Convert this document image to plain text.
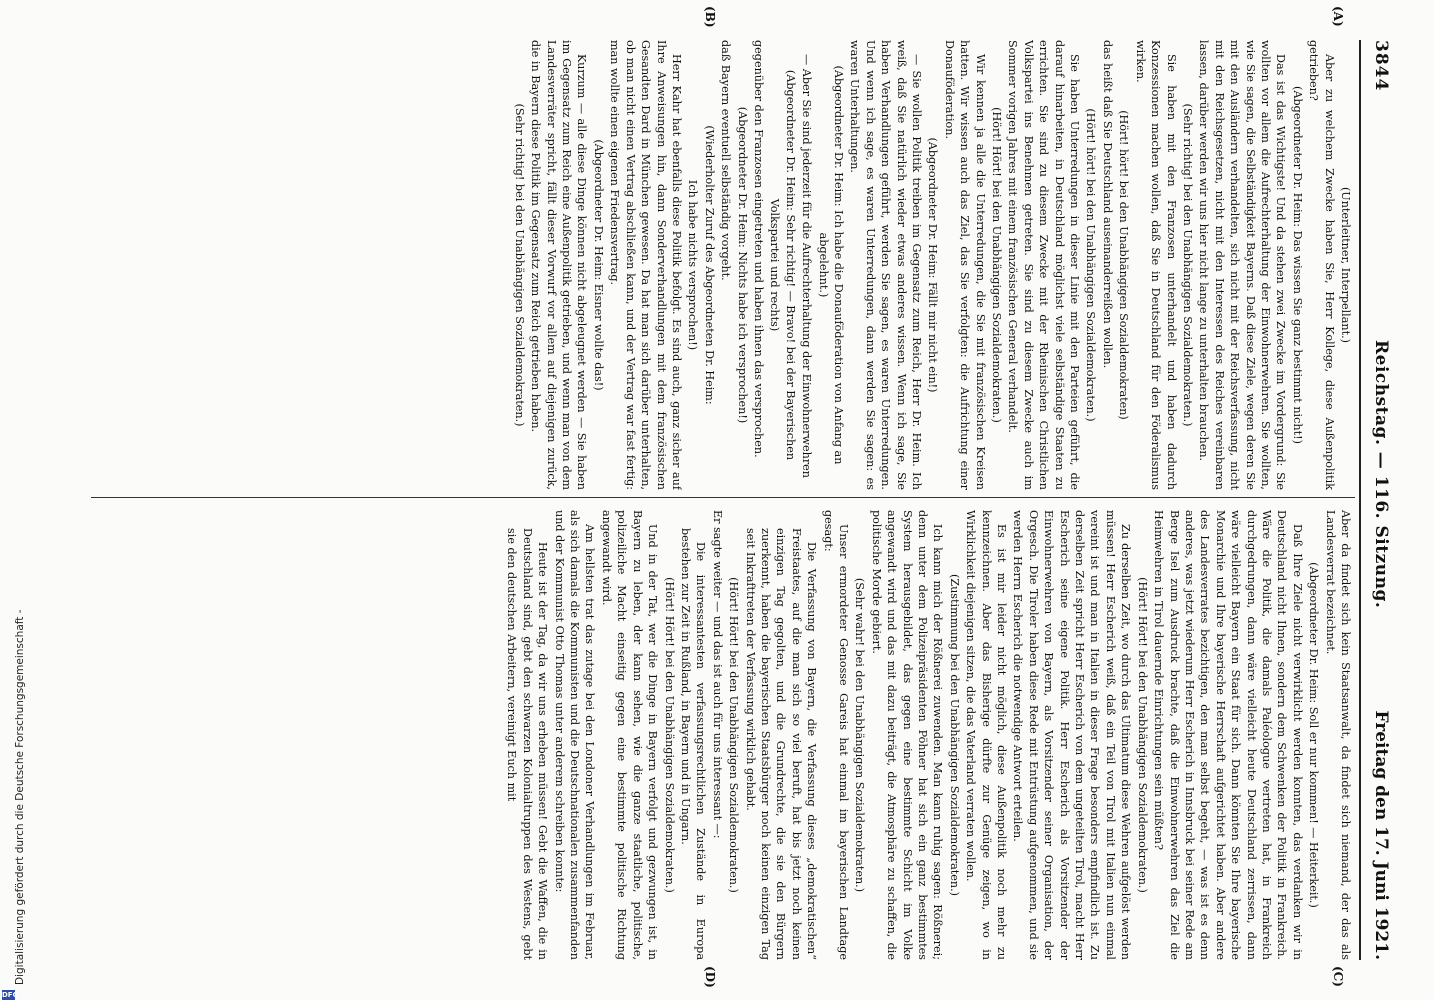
3844
Reichstag. — 116. Sitzung.
Freitag den 17. Juni 1921.
(A)
(B)
(C)
(D)

(Unterleitner, Interpellant.)

Aber zu welchem Zwecke haben Sie, Herr Kollege, diese Außenpolitik getrieben?

(Abgeordneter Dr. Heim: Das wissen Sie ganz bestimmt nicht!)

Das ist das Wichtigste! Und da stehen zwei Zwecke im Vordergrund: Sie wollten vor allem die Aufrechterhaltung der Einwohnerwehren. Sie wollten, wie Sie sagen, die Selbständigkeit Bayerns. Daß diese Ziele, wegen deren Sie mit den Ausländern verhandelten, sich nicht mit der Reichsverfassung, nicht mit den Reichsgesetzen, nicht mit den Interessen des Reiches vereinbaren lassen, darüber werden wir uns hier nicht lange zu unterhalten brauchen.

(Sehr richtig! bei den Unabhängigen Sozialdemokraten.)

Sie haben mit den Franzosen unterhandelt und haben dadurch Konzessionen machen wollen, daß Sie in Deutschland für den Föderalismus wirken.

(Hört! hört! bei den Unabhängigen Sozialdemokraten)

das heißt daß Sie Deutschland auseinanderreißen wollen.

(Hört! hört! bei den Unabhängigen Sozialdemokraten.)

Sie haben Unterredungen in dieser Linie mit den Parteien geführt, die darauf hinarbeiten, in Deutschland möglichst viele selbständige Staaten zu errichten. Sie sind zu diesem Zwecke mit der Rheinischen Christlichen Volkspartei ins Benehmen getreten. Sie sind zu diesem Zwecke auch im Sommer vorigen Jahres mit einem französischen General verhandelt.

(Hört! Hört! bei den Unabhängigen Sozialdemokraten.)

Wir kennen ja alle die Unterredungen, die Sie mit französischen Kreisen hatten. Wir wissen auch das Ziel, das Sie verfolgten: die Aufrichtung einer Donauföderation.

(Abgeordneter Dr. Heim: Fällt mir nicht ein!)

— Sie wollen Politik treiben im Gegensatz zum Reich, Herr Dr. Heim. Ich weiß, daß Sie natürlich wieder etwas anderes wissen. Wenn ich sage, Sie haben Verhandlungen geführt, werden Sie sagen, es waren Unterredungen. Und wenn ich sage, es waren Unterredungen, dann werden Sie sagen: es waren Unterhaltungen.

(Abgeordneter Dr. Heim: Ich habe die Donauföderation von Anfang an abgelehnt.)

— Aber Sie sind jederzeit für die Aufrechterhaltung der Einwohnerwehren

(Abgeordneter Dr. Heim: Sehr richtig! — Bravo! bei der Bayerischen Volkspartei und rechts)

gegenüber den Franzosen eingetreten und haben ihnen das versprochen.

(Abgeordneter Dr. Heim: Nichts habe ich versprochen!)

daß Bayern eventuell selbständig vorgeht.

(Wiederholter Zuruf des Abgeordneten Dr. Heim:

Ich habe nichts versprochen!)

Herr Kahr hat ebenfalls diese Politik befolgt. Es sind auch, ganz sicher auf Ihre Anweisungen hin, dann Sonderverhandlungen mit dem französischen Gesandten Dard in München gewesen. Da hat man sich darüber unterhalten, ob man nicht einen Vertrag abschließen kann, und der Vertrag war fast fertig: man wollte einen eigenen Friedensvertrag.

(Abgeordneter Dr. Heim: Eisner wollte das!)

Kurzum — alle diese Dinge können nicht abgeleugnet werden — Sie haben im Gegensatz zum Reich eine Außenpolitik getrieben, und wenn man von dem Landesverräter spricht, fällt dieser Vorwurf vor allem auf diejenigen zurück, die in Bayern diese Politik im Gegensatz zum Reich getrieben haben.

(Sehr richtig! bei den Unabhängigen Sozialdemokraten.)

Aber da findet sich kein Staatsanwalt, da findet sich niemand, der das als Landesverrat bezeichnet.

(Abgeordneter Dr. Heim: Soll er nur kommen! — Heiterkeit.)

Daß Ihre Ziele nicht verwirklicht werden konnten, das verdanken wir in Deutschland nicht Ihnen, sondern dem Schwenken der Politik in Frankreich. Wäre die Politik, die damals Paléologue vertreten hat, in Frankreich durchgedrungen, dann wäre vielleicht heute Deutschland zerrissen, dann wäre vielleicht Bayern ein Staat für sich. Dann könnten Sie Ihre bayerische Monarchie und Ihre bayerische Herrschaft aufgerichtet haben. Aber andere des Landesverrates bezichtigen, den man selbst begeht, — was ist es denn anderes, was jetzt wiederum Herr Escherich in Innsbruck bei seiner Rede am Berge Isel zum Ausdruck brachte, daß die Einwohnerwehren das Ziel die Heimwehren in Tirol dauernde Einrichtungen sein müßten?

(Hört! Hört! bei den Unabhängigen Sozialdemokraten.)

Zu derselben Zeit, wo durch das Ultimatum diese Wehren aufgelöst werden müssen! Herr Escherich weiß, daß ein Teil von Tirol mit Italien nun einmal vereint ist und man in Italien in dieser Frage besonders empfindlich ist. Zu derselben Zeit spricht Herr Escherich von dem ungeteilten Tirol, macht Herr Escherich seine eigene Politik. Herr Escherich als Vorsitzender der Einwohnerwehren von Bayern, als Vorsitzender seiner Organisation, der Orgesch. Die Tiroler haben diese Rede mit Entrüstung aufgenommen, und sie werden Herrn Escherich die notwendige Antwort erteilen.

Es ist mir leider nicht möglich, diese Außenpolitik noch mehr zu kennzeichnen. Aber das Bisherige dürfte zur Genüge zeigen, wo in Wirklichkeit diejenigen sitzen, die das Vaterland verraten wollen.

(Zustimmung bei den Unabhängigen Sozialdemokraten.)

Ich kann mich der Rößnerei zuwenden. Man kann ruhig sagen: Rößnerei; denn unter dem Polizeipräsidenten Pöhner hat sich ein ganz bestimmtes System herausgebildet, das gegen eine bestimmte Schicht im Volke angewandt wird und das mit dazu beiträgt, die Atmosphäre zu schaffen, die politische Morde gebiert.

(Sehr wahr! bei den Unabhängigen Sozialdemokraten.)

Unser ermordeter Genosse Gareis hat einmal im bayerischen Landtage gesagt:

Die Verfassung von Bayern, die Verfassung dieses „demokratischen“ Freistaates, auf die man sich so viel beruft, hat bis jetzt noch keinen einzigen Tag gegolten, und die Grundrechte, die sie den Bürgern zuerkennt, haben die bayerischen Staatsbürger noch keinen einzigen Tag seit Inkrafttreten der Verfassung wirklich gehabt.

(Hört! Hört! bei den Unabhängigen Sozialdemokraten.)

Er sagte weiter — und das ist auch für uns interessant —:

Die interessantesten verfassungsrechtlichen Zustände in Europa bestehen zur Zeit in Rußland, in Bayern und in Ungarn.

(Hört! Hört! bei den Unabhängigen Sozialdemokraten.)

Und in der Tat, wer die Dinge in Bayern verfolgt und gezwungen ist, in Bayern zu leben, der kann sehen, wie die ganze staatliche, politische, polizeiliche Macht einseitig gegen eine bestimmte politische Richtung angewandt wird.

Am hellsten trat das zutage bei den Londoner Verhandlungen im Februar, als sich damals die Kommunisten und die Deutschnationalen zusammenfanden und der Kommunist Otto Thomas unter anderem schreiben konnte:

Heute ist der Tag, da wir uns erheben müssen! Gebt die Waffen, die in Deutschland sind, gebt den schwarzen Kolonialtruppen des Westens, gebt sie den deutschen Arbeitern, vereinigt Euch mit

Digitalisierung gefördert durch die Deutsche Forschungsgemeinschaft -
DFG
